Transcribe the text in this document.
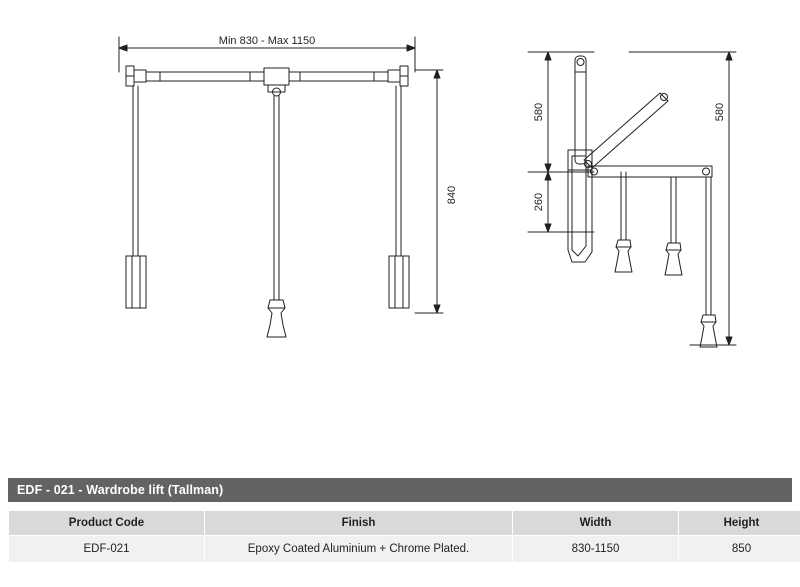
Min 830 - Max 1150
840
580
260
580
EDF - 021 - Wardrobe lift (Tallman)
Product Code	Finish	Width	Height
EDF-021	Epoxy Coated Aluminium + Chrome Plated.	830-1150	850
